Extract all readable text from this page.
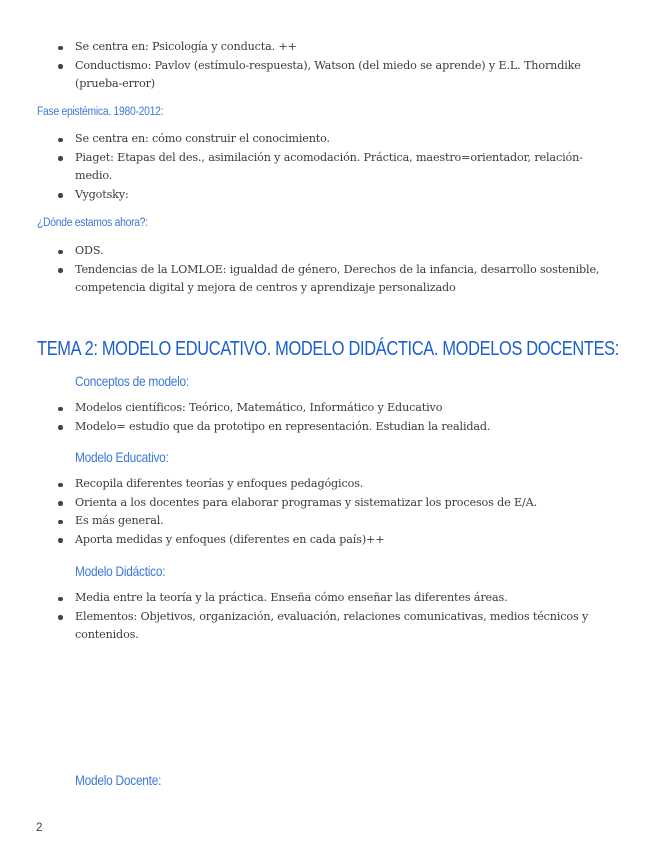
Se centra en: Psicología y conducta. ++
Conductismo: Pavlov (estímulo-respuesta), Watson (del miedo se aprende) y E.L. Thorndike (prueba-error)
Fase epistémica. 1980-2012:
Se centra en: cómo construir el conocimiento.
Piaget: Etapas del des., asimilación y acomodación. Práctica, maestro=orientador, relación-medio.
Vygotsky:
¿Dónde estamos ahora?:
ODS.
Tendencias de la LOMLOE: igualdad de género, Derechos de la infancia, desarrollo sostenible, competencia digital y mejora de centros y aprendizaje personalizado
TEMA 2: MODELO EDUCATIVO. MODELO DIDÁCTICA. MODELOS DOCENTES:
Conceptos de modelo:
Modelos científicos: Teórico, Matemático, Informático y Educativo
Modelo= estudio que da prototipo en representación. Estudian la realidad.
Modelo Educativo:
Recopila diferentes teorías y enfoques pedagógicos.
Orienta a los docentes para elaborar programas y sistematizar los procesos de E/A.
Es más general.
Aporta medidas y enfoques (diferentes en cada país)++
Modelo Didáctico:
Media entre la teoría y la práctica. Enseña cómo enseñar las diferentes áreas.
Elementos: Objetivos, organización, evaluación, relaciones comunicativas, medios técnicos y contenidos.
Modelo Docente:
2
